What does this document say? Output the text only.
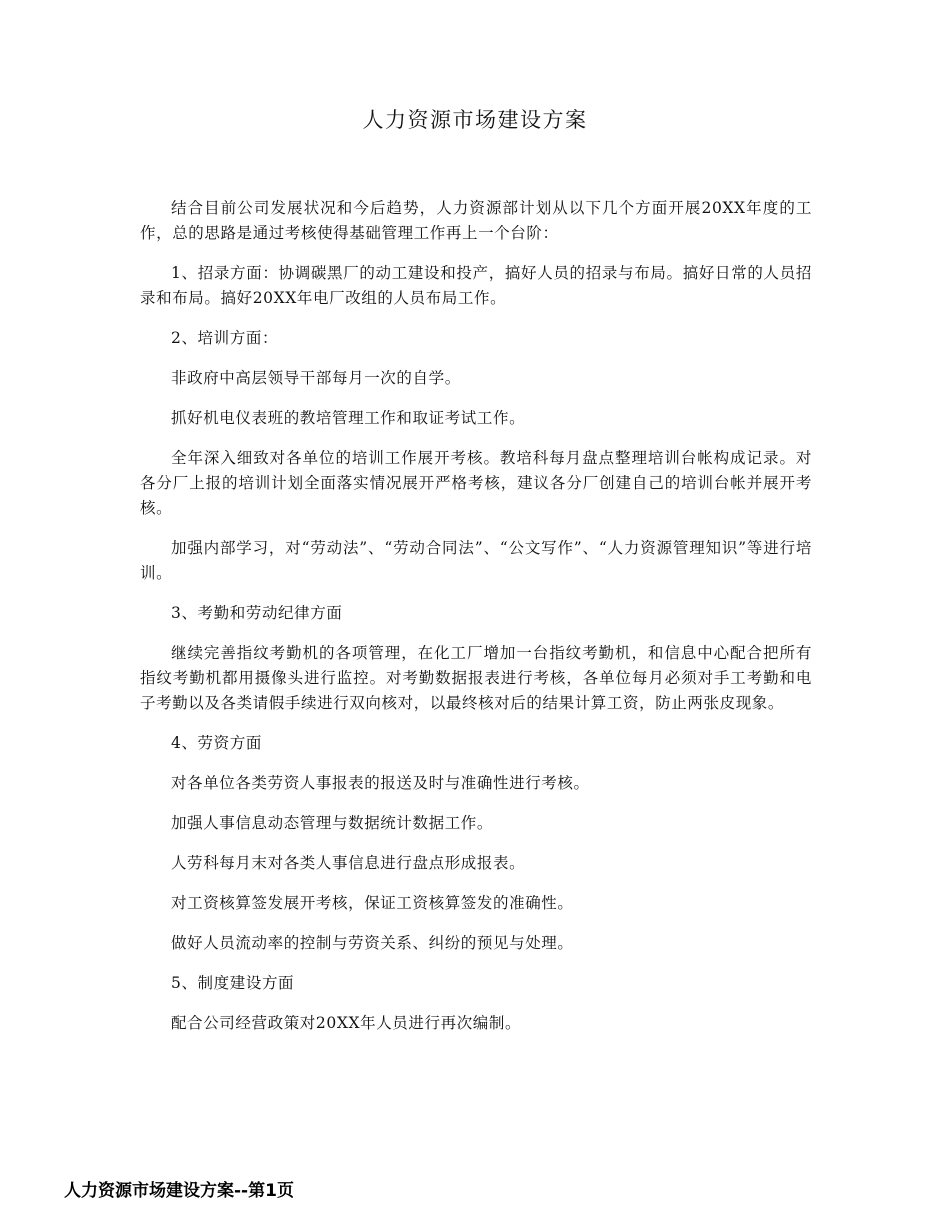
人力资源市场建设方案

结合目前公司发展状况和今后趋势，人力资源部计划从以下几个方面开展20XX年度的工作，总的思路是通过考核使得基础管理工作再上一个台阶：

1、招录方面：协调碳黑厂的动工建设和投产，搞好人员的招录与布局。搞好日常的人员招录和布局。搞好20XX年电厂改组的人员布局工作。

2、培训方面：

非政府中高层领导干部每月一次的自学。

抓好机电仪表班的教培管理工作和取证考试工作。

全年深入细致对各单位的培训工作展开考核。教培科每月盘点整理培训台帐构成记录。对各分厂上报的培训计划全面落实情况展开严格考核，建议各分厂创建自己的培训台帐并展开考核。

加强内部学习，对“劳动法”、“劳动合同法”、“公文写作”、“人力资源管理知识”等进行培训。

3、考勤和劳动纪律方面

继续完善指纹考勤机的各项管理，在化工厂增加一台指纹考勤机，和信息中心配合把所有指纹考勤机都用摄像头进行监控。对考勤数据报表进行考核，各单位每月必须对手工考勤和电子考勤以及各类请假手续进行双向核对，以最终核对后的结果计算工资，防止两张皮现象。

4、劳资方面

对各单位各类劳资人事报表的报送及时与准确性进行考核。

加强人事信息动态管理与数据统计数据工作。

人劳科每月末对各类人事信息进行盘点形成报表。

对工资核算签发展开考核，保证工资核算签发的准确性。

做好人员流动率的控制与劳资关系、纠纷的预见与处理。

5、制度建设方面

配合公司经营政策对20XX年人员进行再次编制。

人力资源市场建设方案--第1页
